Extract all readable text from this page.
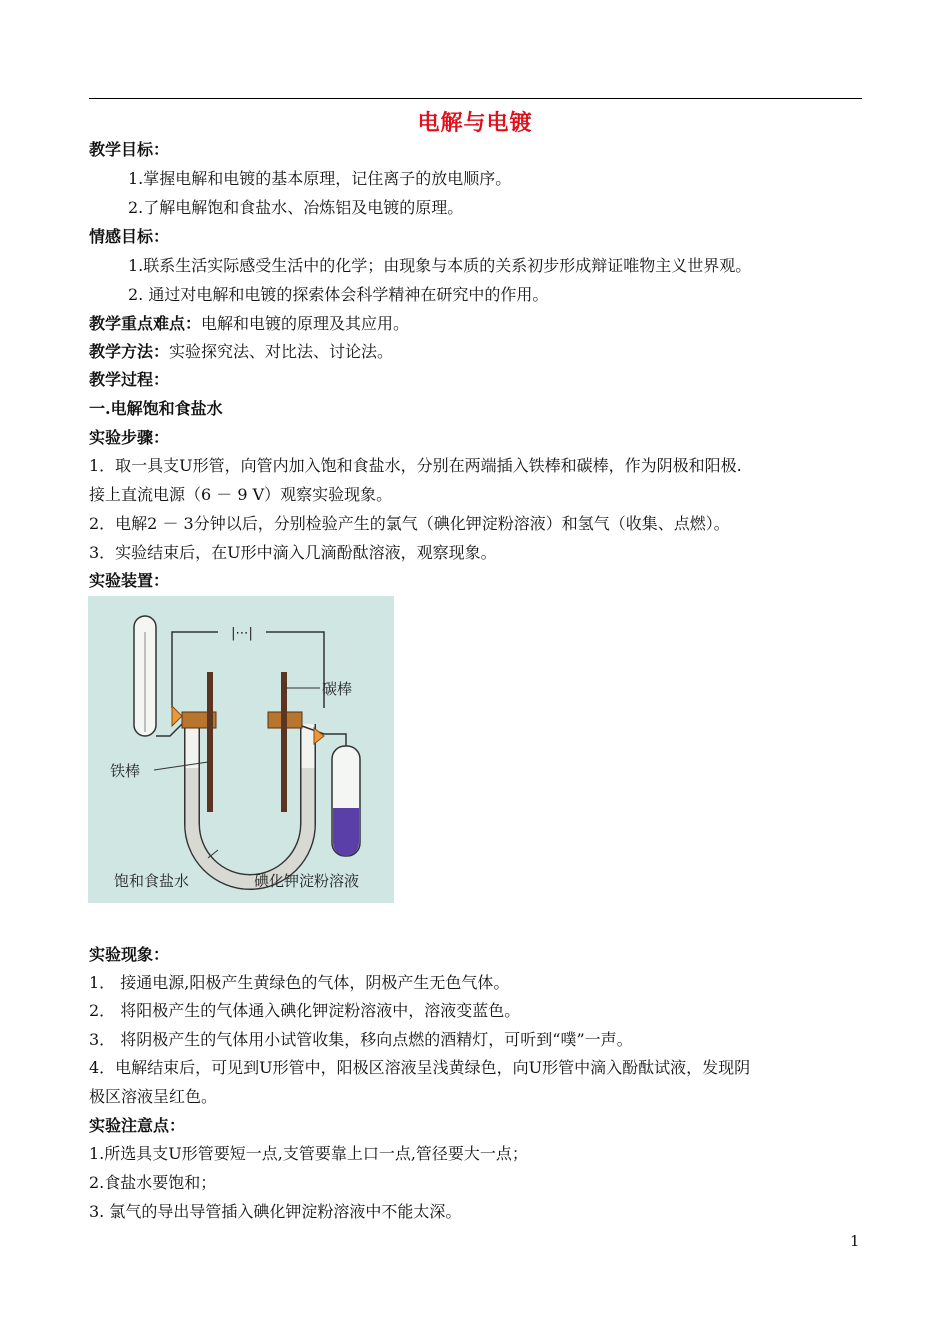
电解与电镀
教学目标：
1.掌握电解和电镀的基本原理，记住离子的放电顺序。
2.了解电解饱和食盐水、冶炼铝及电镀的原理。
情感目标：
1.联系生活实际感受生活中的化学；由现象与本质的关系初步形成辩证唯物主义世界观。
2. 通过对电解和电镀的探索体会科学精神在研究中的作用。
教学重点难点：电解和电镀的原理及其应用。
教学方法：实验探究法、对比法、讨论法。
教学过程：
一.电解饱和食盐水
实验步骤：
1．取一具支U形管，向管内加入饱和食盐水，分别在两端插入铁棒和碳棒，作为阴极和阳极.
接上直流电源（6 － 9 V）观察实验现象。
2．电解2 － 3分钟以后，分别检验产生的氯气（碘化钾淀粉溶液）和氢气（收集、点燃）。
3．实验结束后，在U形中滴入几滴酚酞溶液，观察现象。
实验装置：
|⋯|
碳棒
铁棒
饱和食盐水	碘化钾淀粉溶液
实验现象：
1． 接通电源,阳极产生黄绿色的气体，阴极产生无色气体。
2． 将阳极产生的气体通入碘化钾淀粉溶液中，溶液变蓝色。
3． 将阴极产生的气体用小试管收集，移向点燃的酒精灯，可听到“噗”一声。
4．电解结束后，可见到U形管中，阳极区溶液呈浅黄绿色，向U形管中滴入酚酞试液，发现阴
极区溶液呈红色。
实验注意点：
1.所选具支U形管要短一点,支管要靠上口一点,管径要大一点；
2.食盐水要饱和；
3. 氯气的导出导管插入碘化钾淀粉溶液中不能太深。
1
